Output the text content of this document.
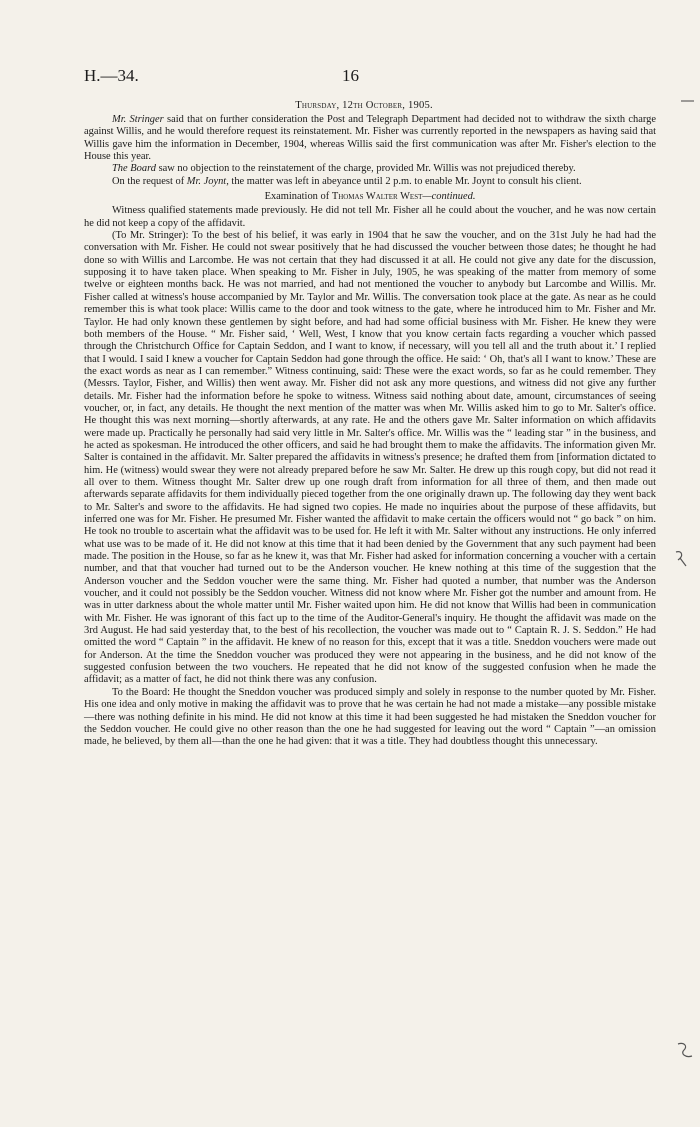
H.—34.	16
Thursday, 12th October, 1905.

Mr. Stringer said that on further consideration the Post and Telegraph Department had decided not to withdraw the sixth charge against Willis, and he would therefore request its reinstatement. Mr. Fisher was currently reported in the newspapers as having said that Willis gave him the information in December, 1904, whereas Willis said the first communication was after Mr. Fisher's election to the House this year.

The Board saw no objection to the reinstatement of the charge, provided Mr. Willis was not prejudiced thereby.

On the request of Mr. Joynt, the matter was left in abeyance until 2 p.m. to enable Mr. Joynt to consult his client.

Examination of Thomas Walter West—continued.

Witness qualified statements made previously. He did not tell Mr. Fisher all he could about the voucher, and he was now certain he did not keep a copy of the affidavit.

(To Mr. Stringer): To the best of his belief, it was early in 1904 that he saw the voucher, and on the 31st July he had had the conversation with Mr. Fisher. He could not swear positively that he had discussed the voucher between those dates; he thought he had done so with Willis and Larcombe. He was not certain that they had discussed it at all. He could not give any date for the discussion, supposing it to have taken place. When speaking to Mr. Fisher in July, 1905, he was speaking of the matter from memory of some twelve or eighteen months back. He was not married, and had not mentioned the voucher to anybody but Larcombe and Willis. Mr. Fisher called at witness's house accompanied by Mr. Taylor and Mr. Willis. The conversation took place at the gate. As near as he could remember this is what took place: Willis came to the door and took witness to the gate, where he introduced him to Mr. Fisher and Mr. Taylor. He had only known these gentlemen by sight before, and had had some official business with Mr. Fisher. He knew they were both members of the House. “ Mr. Fisher said, ‘ Well, West, I know that you know certain facts regarding a voucher which passed through the Christchurch Office for Captain Seddon, and I want to know, if necessary, will you tell all and the truth about it.’ I replied that I would. I said I knew a voucher for Captain Seddon had gone through the office. He said: ‘ Oh, that's all I want to know.’ These are the exact words as near as I can remember.” Witness continuing, said: These were the exact words, so far as he could remember. They (Messrs. Taylor, Fisher, and Willis) then went away. Mr. Fisher did not ask any more questions, and witness did not give any further details. Mr. Fisher had the information before he spoke to witness. Witness said nothing about date, amount, circumstances of seeing voucher, or, in fact, any details. He thought the next mention of the matter was when Mr. Willis asked him to go to Mr. Salter's office. He thought this was next morning—shortly afterwards, at any rate. He and the others gave Mr. Salter information on which affidavits were made up. Practically he personally had said very little in Mr. Salter's office. Mr. Willis was the “ leading star ” in the business, and he acted as spokesman. He introduced the other officers, and said he had brought them to make the affidavits. The information given Mr. Salter is contained in the affidavit. Mr. Salter prepared the affidavits in witness's presence; he drafted them from [information dictated to him. He (witness) would swear they were not already prepared before he saw Mr. Salter. He drew up this rough copy, but did not read it all over to them. Witness thought Mr. Salter drew up one rough draft from information for all three of them, and then made out afterwards separate affidavits for them individually pieced together from the one originally drawn up. The following day they went back to Mr. Salter's and swore to the affidavits. He had signed two copies. He made no inquiries about the purpose of these affidavits, but inferred one was for Mr. Fisher. He presumed Mr. Fisher wanted the affidavit to make certain the officers would not “ go back ” on him. He took no trouble to ascertain what the affidavit was to be used for. He left it with Mr. Salter without any instructions. He only inferred what use was to be made of it. He did not know at this time that it had been denied by the Government that any such payment had been made. The position in the House, so far as he knew it, was that Mr. Fisher had asked for information concerning a voucher with a certain number, and that that voucher had turned out to be the Anderson voucher. He knew nothing at this time of the suggestion that the Anderson voucher and the Seddon voucher were the same thing. Mr. Fisher had quoted a number, that number was the Anderson voucher, and it could not possibly be the Seddon voucher. Witness did not know where Mr. Fisher got the number and amount from. He was in utter darkness about the whole matter until Mr. Fisher waited upon him. He did not know that Willis had been in communication with Mr. Fisher. He was ignorant of this fact up to the time of the Auditor-General's inquiry. He thought the affidavit was made on the 3rd August. He had said yesterday that, to the best of his recollection, the voucher was made out to “ Captain R. J. S. Seddon.” He had omitted the word “ Captain ” in the affidavit. He knew of no reason for this, except that it was a title. Sneddon vouchers were made out for Anderson. At the time the Sneddon voucher was produced they were not appearing in the business, and he did not know of the suggested confusion between the two vouchers. He repeated that he did not know of the suggested confusion when he made the affidavit; as a matter of fact, he did not think there was any confusion.

To the Board: He thought the Sneddon voucher was produced simply and solely in response to the number quoted by Mr. Fisher. His one idea and only motive in making the affidavit was to prove that he was certain he had not made a mistake—any possible mistake—there was nothing definite in his mind. He did not know at this time it had been suggested he had mistaken the Sneddon voucher for the Seddon voucher. He could give no other reason than the one he had suggested for leaving out the word “ Captain ”—an omission made, he believed, by them all—than the one he had given: that it was a title. They had doubtless thought this unnecessary.
